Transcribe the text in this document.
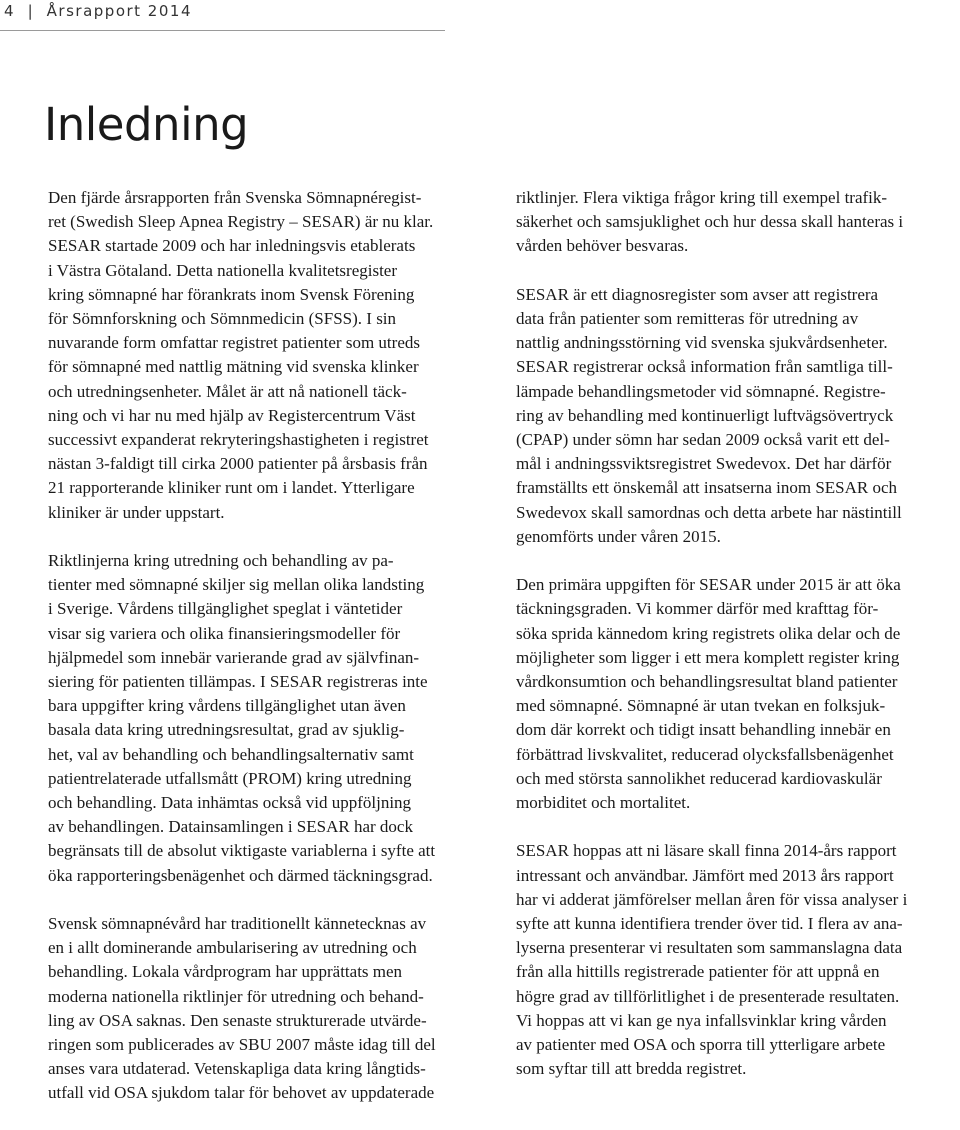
4  |  Årsrapport 2014
Inledning

Den fjärde årsrapporten från Svenska Sömnapnéregist-
ret (Swedish Sleep Apnea Registry – SESAR) är nu klar.
SESAR startade 2009 och har inledningsvis etablerats
i Västra Götaland. Detta nationella kvalitetsregister
kring sömnapné har förankrats inom Svensk Förening
för Sömnforskning och Sömnmedicin (SFSS). I sin
nuvarande form omfattar registret patienter som utreds
för sömnapné med nattlig mätning vid svenska klinker
och utredningsenheter. Målet är att nå nationell täck-
ning och vi har nu med hjälp av Registercentrum Väst
successivt expanderat rekryteringshastigheten i registret
nästan 3-faldigt till cirka 2000 patienter på årsbasis från
21 rapporterande kliniker runt om i landet. Ytterligare
kliniker är under uppstart.

Riktlinjerna kring utredning och behandling av pa-
tienter med sömnapné skiljer sig mellan olika landsting
i Sverige. Vårdens tillgänglighet speglat i väntetider
visar sig variera och olika finansieringsmodeller för
hjälpmedel som innebär varierande grad av självfinan-
siering för patienten tillämpas. I SESAR registreras inte
bara uppgifter kring vårdens tillgänglighet utan även
basala data kring utredningsresultat, grad av sjuklig-
het, val av behandling och behandlingsalternativ samt
patientrelaterade utfallsmått (PROM) kring utredning
och behandling. Data inhämtas också vid uppföljning
av behandlingen. Datainsamlingen i SESAR har dock
begränsats till de absolut viktigaste variablerna i syfte att
öka rapporteringsbenägenhet och därmed täckningsgrad.

Svensk sömnapnévård har traditionellt kännetecknas av
en i allt dominerande ambularisering av utredning och
behandling. Lokala vårdprogram har upprättats men
moderna nationella riktlinjer för utredning och behand-
ling av OSA saknas. Den senaste strukturerade utvärde-
ringen som publicerades av SBU 2007 måste idag till del
anses vara utdaterad. Vetenskapliga data kring långtids-
utfall vid OSA sjukdom talar för behovet av uppdaterade

riktlinjer. Flera viktiga frågor kring till exempel trafik-
säkerhet och samsjuklighet och hur dessa skall hanteras i
vården behöver besvaras.

SESAR är ett diagnosregister som avser att registrera
data från patienter som remitteras för utredning av
nattlig andningsstörning vid svenska sjukvårdsenheter.
SESAR registrerar också information från samtliga till-
lämpade behandlingsmetoder vid sömnapné. Registre-
ring av behandling med kontinuerligt luftvägsövertryck
(CPAP) under sömn har sedan 2009 också varit ett del-
mål i andningssviktsregistret Swedevox. Det har därför
framställts ett önskemål att insatserna inom SESAR och
Swedevox skall samordnas och detta arbete har nästintill
genomförts under våren 2015.

Den primära uppgiften för SESAR under 2015 är att öka
täckningsgraden. Vi kommer därför med krafttag för-
söka sprida kännedom kring registrets olika delar och de
möjligheter som ligger i ett mera komplett register kring
vårdkonsumtion och behandlingsresultat bland patienter
med sömnapné. Sömnapné är utan tvekan en folksjuk-
dom där korrekt och tidigt insatt behandling innebär en
förbättrad livskvalitet, reducerad olycksfallsbenägenhet
och med största sannolikhet reducerad kardiovaskulär
morbiditet och mortalitet.

SESAR hoppas att ni läsare skall finna 2014-års rapport
intressant och användbar. Jämfört med 2013 års rapport
har vi adderat jämförelser mellan åren för vissa analyser i
syfte att kunna identifiera trender över tid. I flera av ana-
lyserna presenterar vi resultaten som sammanslagna data
från alla hittills registrerade patienter för att uppnå en
högre grad av tillförlitlighet i de presenterade resultaten.
Vi hoppas att vi kan ge nya infallsvinklar kring vården
av patienter med OSA och sporra till ytterligare arbete
som syftar till att bredda registret.
